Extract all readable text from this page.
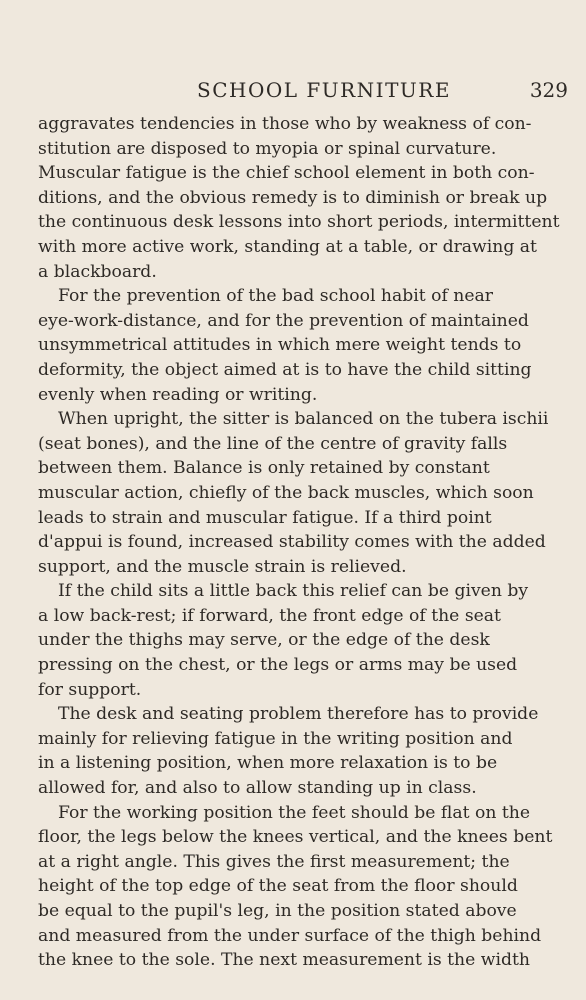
SCHOOL FURNITURE	329

aggravates tendencies in those who by weakness of con-
stitution are disposed to myopia or spinal curvature.
Muscular fatigue is the chief school element in both con-
ditions, and the obvious remedy is to diminish or break up
the continuous desk lessons into short periods, intermittent
with more active work, standing at a table, or drawing at
a blackboard.

For the prevention of the bad school habit of near
eye-work-distance, and for the prevention of maintained
unsymmetrical attitudes in which mere weight tends to
deformity, the object aimed at is to have the child sitting
evenly when reading or writing.

When upright, the sitter is balanced on the tubera ischii
(seat bones), and the line of the centre of gravity falls
between them. Balance is only retained by constant
muscular action, chiefly of the back muscles, which soon
leads to strain and muscular fatigue. If a third point
d'appui is found, increased stability comes with the added
support, and the muscle strain is relieved.

If the child sits a little back this relief can be given by
a low back-rest; if forward, the front edge of the seat
under the thighs may serve, or the edge of the desk
pressing on the chest, or the legs or arms may be used
for support.

The desk and seating problem therefore has to provide
mainly for relieving fatigue in the writing position and
in a listening position, when more relaxation is to be
allowed for, and also to allow standing up in class.

For the working position the feet should be flat on the
floor, the legs below the knees vertical, and the knees bent
at a right angle. This gives the first measurement; the
height of the top edge of the seat from the floor should
be equal to the pupil's leg, in the position stated above
and measured from the under surface of the thigh behind
the knee to the sole. The next measurement is the width
